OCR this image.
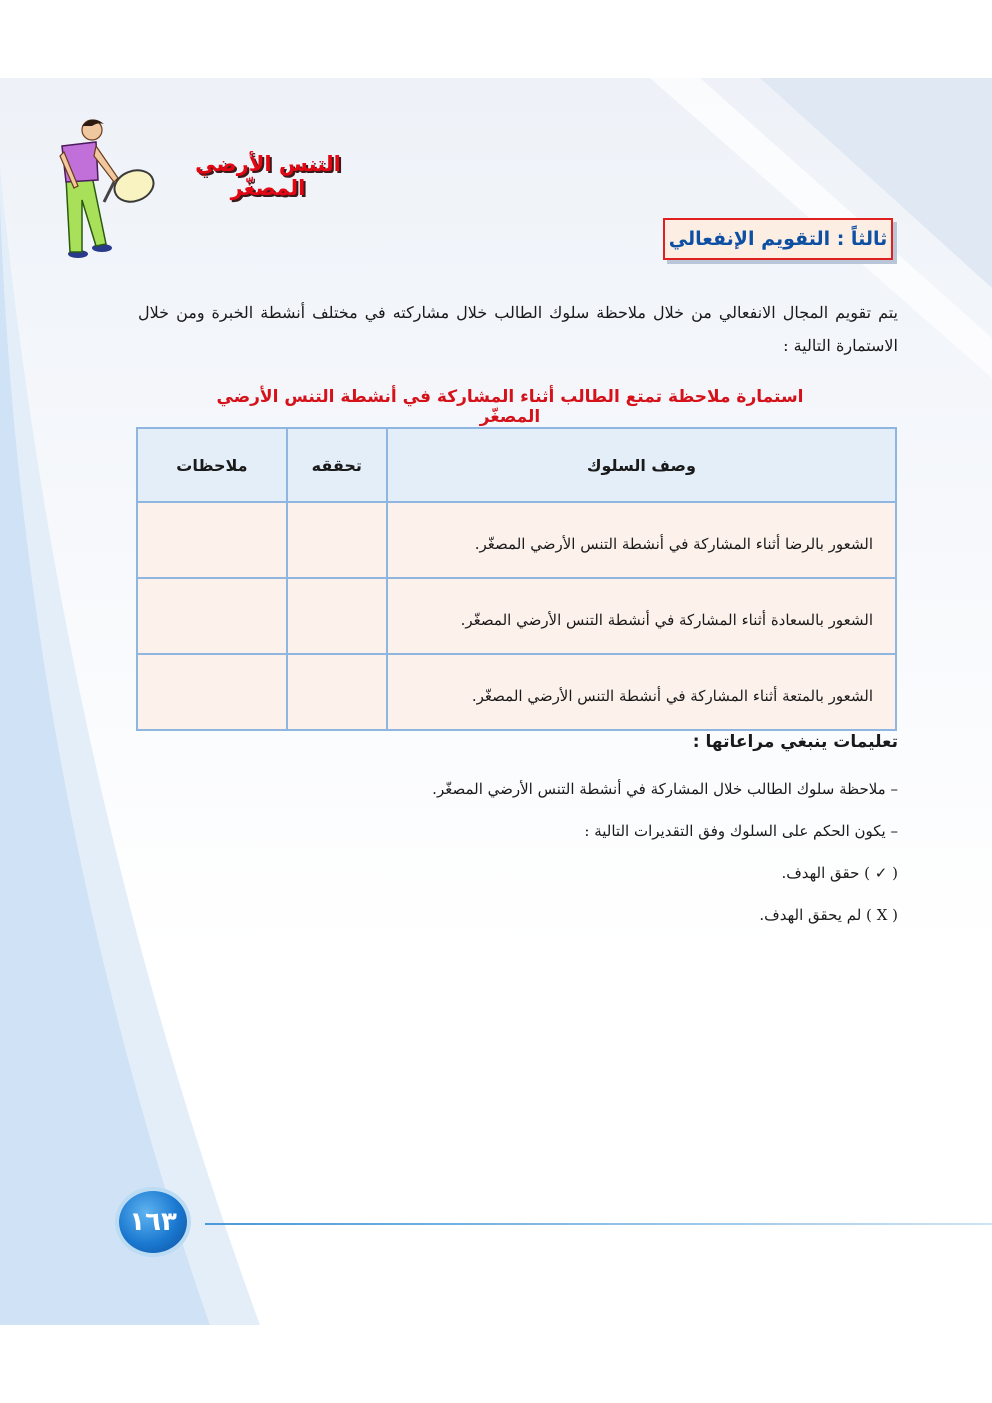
التنس الأرضي المصغّر
ثالثاً : التقويم الإنفعالي
يتم تقويم المجال الانفعالي من خلال ملاحظة سلوك الطالب خلال مشاركته في مختلف أنشطة الخبرة ومن خلال الاستمارة التالية :
استمارة ملاحظة تمتع الطالب أثناء المشاركة في أنشطة التنس الأرضي المصغّر
وصف السلوك	تحققه	ملاحظات
الشعور بالرضا أثناء المشاركة في أنشطة التنس الأرضي المصغّر.		
الشعور بالسعادة أثناء المشاركة في أنشطة التنس الأرضي المصغّر.		
الشعور بالمتعة أثناء المشاركة في أنشطة التنس الأرضي المصغّر.		
تعليمات ينبغي مراعاتها :
– ملاحظة سلوك الطالب خلال المشاركة في أنشطة التنس الأرضي المصغّر.
– يكون الحكم على السلوك وفق التقديرات التالية :
( ✓ ) حقق الهدف.
( X ) لم يحقق الهدف.
١٦٣
